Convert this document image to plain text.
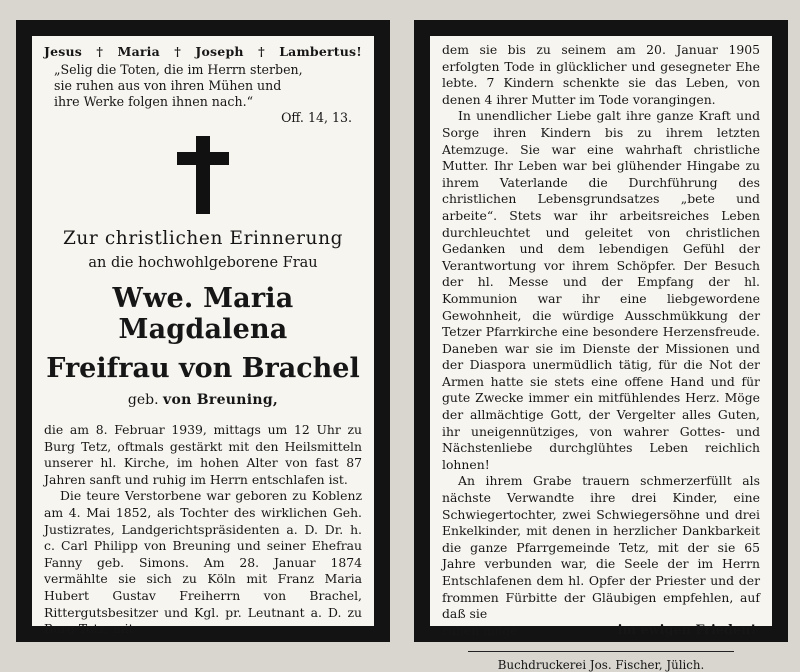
Jesus † Maria † Joseph † Lambertus!
„Selig die Toten, die im Herrn sterben,
sie ruhen aus von ihren Mühen und
ihre Werke folgen ihnen nach.“
Off. 14, 13.
Zur christlichen Erinnerung
an die hochwohlgeborene Frau
Wwe. Maria Magdalena
Freifrau von Brachel
geb. von Breuning,
die am 8. Februar 1939, mittags um 12 Uhr zu Burg Tetz, oftmals gestärkt mit den Heilsmitteln unserer hl. Kirche, im hohen Alter von fast 87 Jahren sanft und ruhig im Herrn entschlafen ist.
Die teure Verstorbene war geboren zu Koblenz am 4. Mai 1852, als Tochter des wirklichen Geh. Justizrates, Landgerichtspräsidenten a. D. Dr. h. c. Carl Philipp von Breuning und seiner Ehefrau Fanny geb. Simons. Am 28. Januar 1874 vermählte sie sich zu Köln mit Franz Maria Hubert Gustav Freiherrn von Brachel, Rittergutsbesitzer und Kgl. pr. Leutnant a. D. zu Burg Tetz, mit
dem sie bis zu seinem am 20. Januar 1905 erfolgten Tode in glücklicher und gesegneter Ehe lebte. 7 Kindern schenkte sie das Leben, von denen 4 ihrer Mutter im Tode vorangingen.
In unendlicher Liebe galt ihre ganze Kraft und Sorge ihren Kindern bis zu ihrem letzten Atemzuge. Sie war eine wahrhaft christliche Mutter. Ihr Leben war bei glühender Hingabe zu ihrem Vaterlande die Durchführung des christlichen Lebensgrundsatzes „bete und arbeite“. Stets war ihr arbeitsreiches Leben durchleuchtet und geleitet von christlichen Gedanken und dem lebendigen Gefühl der Verantwortung vor ihrem Schöpfer. Der Besuch der hl. Messe und der Empfang der hl. Kommunion war ihr eine liebgewordene Gewohnheit, die würdige Ausschmükkung der Tetzer Pfarrkirche eine besondere Herzensfreude. Daneben war sie im Dienste der Missionen und der Diaspora unermüdlich tätig, für die Not der Armen hatte sie stets eine offene Hand und für gute Zwecke immer ein mitfühlendes Herz. Möge der allmächtige Gott, der Vergelter alles Guten, ihr uneigennütziges, von wahrer Gottes- und Nächstenliebe durchglühtes Leben reichlich lohnen!
An ihrem Grabe trauern schmerzerfüllt als nächste Verwandte ihre drei Kinder, eine Schwiegertochter, zwei Schwiegersöhne und drei Enkelkinder, mit denen in herzlicher Dankbarkeit die ganze Pfarrgemeinde Tetz, mit der sie 65 Jahre verbunden war, die Seele der im Herrn Entschlafenen dem hl. Opfer der Priester und der frommen Fürbitte der Gläubigen empfehlen, auf daß sie
ruhen möge	im ewigen Frieden!
Buchdruckerei Jos. Fischer, Jülich.
